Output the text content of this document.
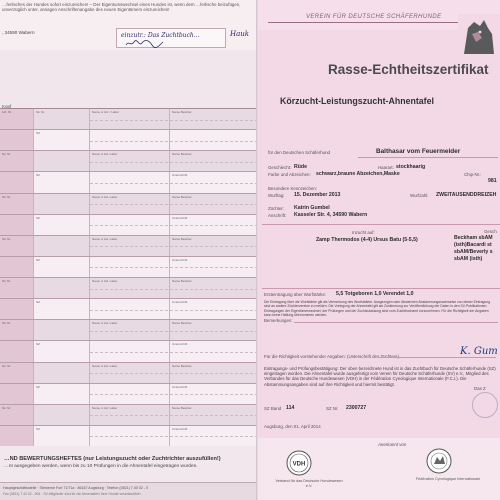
…ferlisches der Hundes sofort einzureichen! – Der Eigentumswechsel eines Hundes ist, wenn dem …ferlische beizufügen, unverzüglich unter, ansagen Anschriftenangabe des neuen Eigentümers einzureichen!
, 34590 Wabern	einzutr.: Das Zuchtbuch…	Hauk
Kopf
Lfd. Nr.	Sit. Nr.	Name d. Hd. / Laber	Name Besitzer
SZ
Sit. Nr.	Name d. Hd. Laber	Name Besitzer
SZ	Unterschrift
Sit. Nr.	Name d. Hd. Laber	Name Besitzer
SZ	Unterschrift
Sit. Nr.	Name d. Hd. Laber	Name Besitzer
SZ	Unterschrift
Sit. Nr.	Name d. Hd. Laber	Name Besitzer
SZ	Unterschrift
Sit. Nr.	Name d. Hd. Laber	Name Besitzer
SZ	Unterschrift
Sit. Nr.	Name d. Hd. Laber	Name Besitzer
SZ	Unterschrift
Sit. Nr.	Name d. Hd. Laber	Name Besitzer
SZ	Unterschrift
…ND BEWERTUNGSHEFTES (nur Leistungszucht oder Zuchtrichter auszufüllen!)
…nt ausgegeben werden, wenn bis zu 10 Prüfungen in die Ahnentafel eingetragen wurden.
Hauptgeschäftsstelle · Steinerne Furt 71/71a · 86167 Augsburg · Telefon (0821) 7 40 02 - 0
Fax (0821) 7 40 02 - 904 · SV-Mitglieder sind für die Ahnentafeln ihrer Hunde verantwortlich.
VEREIN FÜR DEUTSCHE SCHÄFERHUNDE
Rasse-Echtheitszertifikat
Körzucht-Leistungszucht-Ahnentafel
für den Deutschen Schäferhund	Balthasar vom Feuermelder
Geschlecht: Rüde	Haarart: stockhaarig
Farbe und Abzeichen: schwarz,braune Abzeichen,Maske	Chip-Nr.:
981
Besondere Kennzeichen:
Wurftag: 15. Dezember 2013	Wurfzahl: ZWEITAUSENDDREIZEH
Züchter: Katrin Gumbel
Anschrift: Kasseler Str. 4, 34590 Wabern
Inzucht auf:
Zamp Thermodos (4-4) Ursus Batu (5-5,5)
Gesch
Beckham sbAM
(isth)Bacardi st
sbAM/Beverly s
sbAM (isth)
Ersteintragung über Wurfstärke: 5,5 Totgeboren 1,0 Verendet 1,0
Die Eintragung über die Wurfstärke gilt als Vermerkung des Wurfsstärke. Ausgezogen oder Abweichen Abstammungsnachweise von dieser Eintragung sind an andere Züchtervereine zu melden. Die Vorlegung der Ahnentafel gilt als Zustimmung zur Veröffentlichung der Daten in den SV-Publikationen. Eintragungen der Eigentümerwechsel, der Prüfungen und der Zuchtzulassung sind vom Zuchtbuchamt vorzunehmen. Für die Richtigkeit der Angaben kann keine Haftung übernommen werden.
Bemerkungen:
Für die Richtigkeit vorstehender Angaben: (Unterschrift des Züchters)	K. Gum
Eintragungs- und Prüfungsbestätigung: Der oben bezeichnete Hund ist in das Zuchtbuch für Deutsche Schäferhunde (SZ) eingetragen worden. Die Ahnentafel wurde ausgefertigt vom Verein für Deutsche Schäferhunde (SV) e.V., Mitglied des Verbandes für das Deutsche Hundewesen (VDH) in der Fédération Cynologique Internationale (F.C.I.). Die Abstammungsangaben sind auf ihre Richtigkeit und hiermit bestätigt.
Das Z
SZ Band 114	SZ Nr. 2300727
Augsburg, den 01. April 2014
Anerkannt von
VDH
Verband für das Deutsche Hundewesen e.V.
Fédération Cynologique Internationale
